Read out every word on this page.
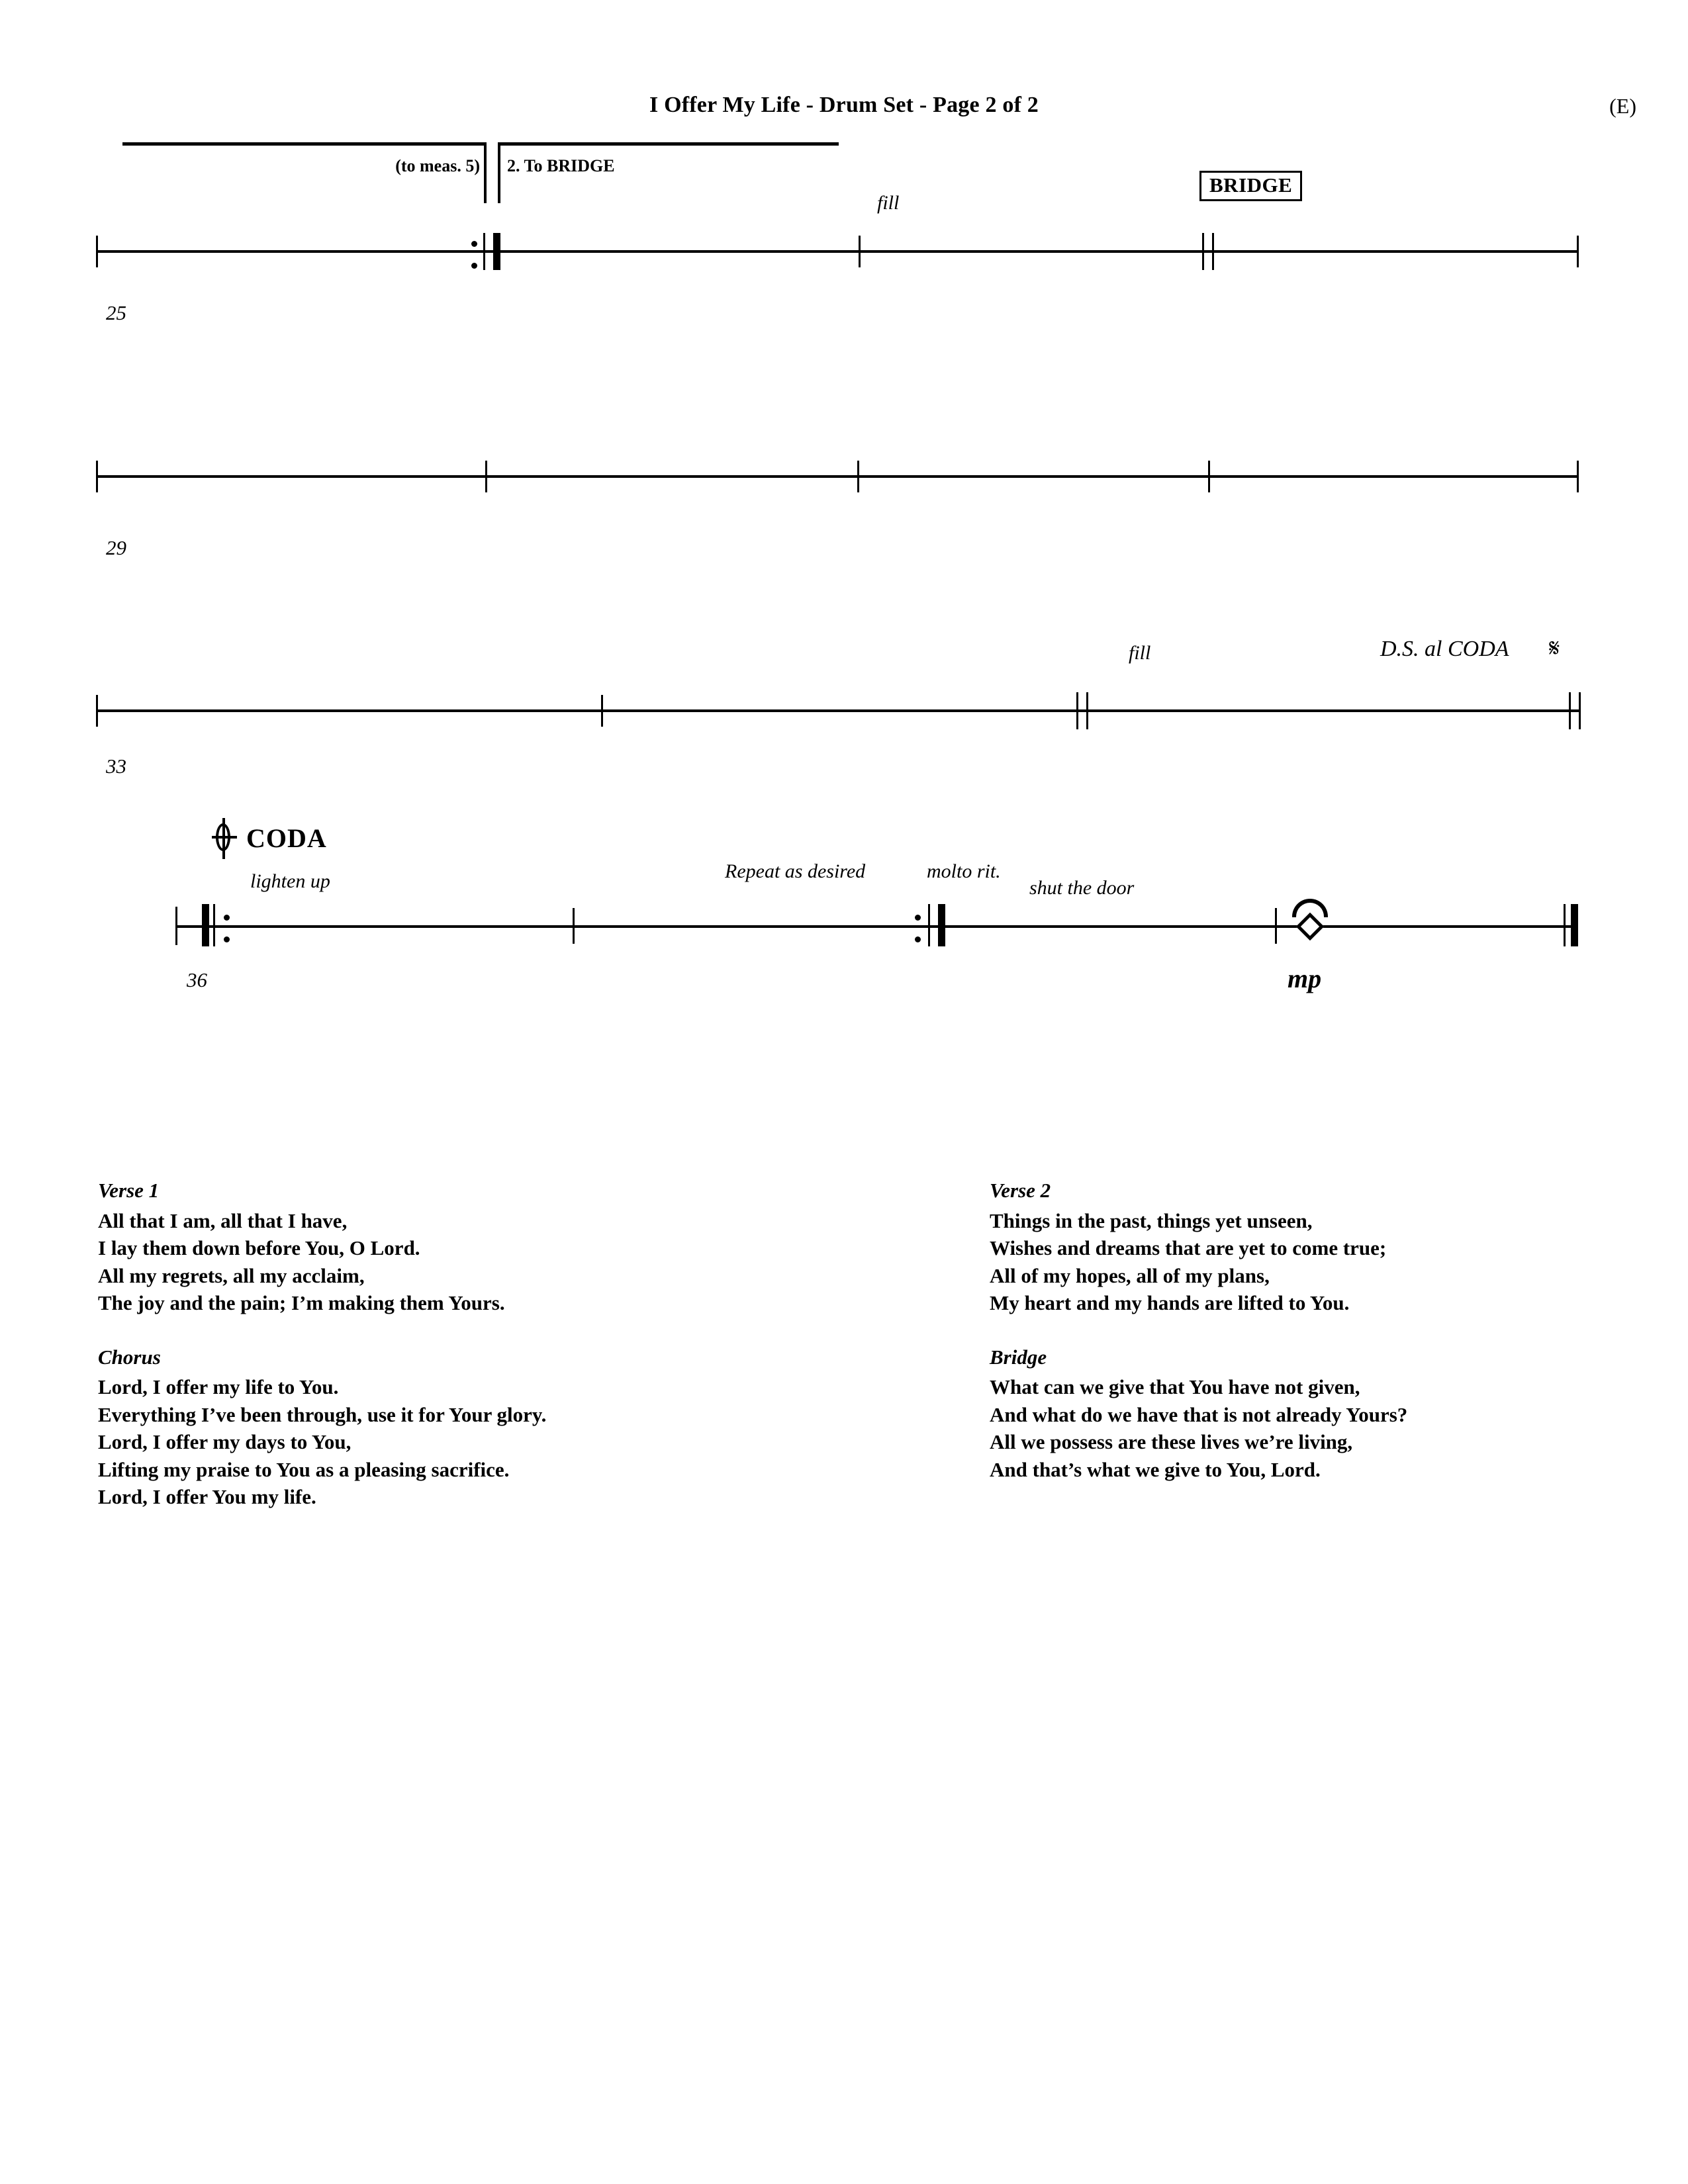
I Offer My Life - Drum Set - Page 2 of 2	(E)
(to meas. 5) 2. To BRIDGE
fill
BRIDGE
25
29
fill	D.S. al CODA 𝄋
33
CODA
lighten up	Repeat as desired	molto rit.
shut the door
mp
36

Verse 1

All that I am, all that I have,

I lay them down before You, O Lord.

All my regrets, all my acclaim,

The joy and the pain; I’m making them Yours.

Chorus

Lord, I offer my life to You.

Everything I’ve been through, use it for Your glory.

Lord, I offer my days to You,

Lifting my praise to You as a pleasing sacrifice.

Lord, I offer You my life.

Verse 2

Things in the past, things yet unseen,

Wishes and dreams that are yet to come true;

All of my hopes, all of my plans,

My heart and my hands are lifted to You.

Bridge

What can we give that You have not given,

And what do we have that is not already Yours?

All we possess are these lives we’re living,

And that’s what we give to You, Lord.
